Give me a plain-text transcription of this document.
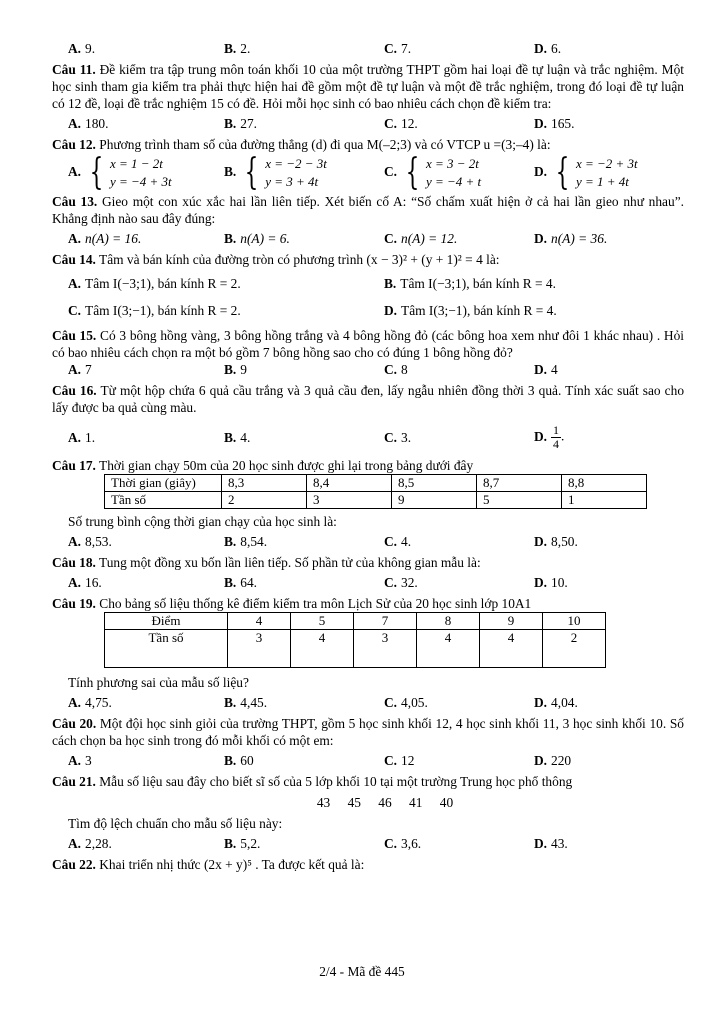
A. 9.	B. 2.	C. 7.	D. 6.
Câu 11. Đề kiểm tra tập trung môn toán khối 10 của một trường THPT gồm hai loại đề tự luận và trắc nghiệm. Một học sinh tham gia kiểm tra phải thực hiện hai đề gồm một đề tự luận và một đề trắc nghiệm, trong đó loại đề tự luận có 12 đề, loại đề trắc nghiệm 15 có đề. Hỏi mỗi học sinh có bao nhiêu cách chọn đề kiểm tra:
A. 180.	B. 27.	C. 12.	D. 165.
Câu 12. Phương trình tham số của đường thẳng (d) đi qua M(–2;3) và có VTCP u =(3;–4) là:
A. { x = 1 − 2t
y = −4 + 3t
B. { x = −2 − 3t
y = 3 + 4t
C. { x = 3 − 2t
y = −4 + t
D. { x = −2 + 3t
y = 1 + 4t
Câu 13. Gieo một con xúc xắc hai lần liên tiếp. Xét biến cố A: “Số chấm xuất hiện ở cả hai lần gieo như nhau”. Khẳng định nào sau đây đúng:
A. n(A) = 16.	B. n(A) = 6.	C. n(A) = 12.	D. n(A) = 36.
Câu 14. Tâm và bán kính của đường tròn có phương trình (x − 3)² + (y + 1)² = 4 là:
A. Tâm I(−3;1), bán kính R = 2.	B. Tâm I(−3;1), bán kính R = 4.
C. Tâm I(3;−1), bán kính R = 2.	D. Tâm I(3;−1), bán kính R = 4.
Câu 15. Có 3 bông hồng vàng, 3 bông hồng trắng và 4 bông hồng đỏ (các bông hoa xem như đôi 1 khác nhau) . Hỏi có bao nhiêu cách chọn ra một bó gồm 7 bông hồng sao cho có đúng 1 bông hồng đỏ?
A. 7	B. 9	C. 8	D. 4
Câu 16. Từ một hộp chứa 6 quả cầu trắng và 3 quả cầu đen, lấy ngẫu nhiên đồng thời 3 quả. Tính xác suất sao cho lấy được ba quả cùng màu.
A. 1.	B. 4.	C. 3.	D. $\frac{1}{4}$ .
Câu 17. Thời gian chạy 50m của 20 học sinh được ghi lại trong bảng dưới đây
Thời gian (giây)	8,3	8,4	8,5	8,7	8,8
Tần số	2	3	9	5	1
Số trung bình cộng thời gian chạy của học sinh là:
A. 8,53.	B. 8,54.	C. 4.	D. 8,50.
Câu 18. Tung một đồng xu bốn lần liên tiếp. Số phần tử của không gian mẫu là:
A. 16.	B. 64.	C. 32.	D. 10.
Câu 19. Cho bảng số liệu thống kê điểm kiểm tra môn Lịch Sử của 20 học sinh lớp 10A1
Điểm	4	5	7	8	9	10
Tần số	3	4	3	4	4	2
Tính phương sai của mẫu số liệu?
A. 4,75.	B. 4,45.	C. 4,05.	D. 4,04.
Câu 20. Một đội học sinh giỏi của trường THPT, gồm 5 học sinh khối 12, 4 học sinh khối 11, 3 học sinh khối 10. Số cách chọn ba học sinh trong đó mỗi khối có một em:
A. 3	B. 60	C. 12	D. 220
Câu 21. Mẫu số liệu sau đây cho biết sĩ số của 5 lớp khối 10 tại một trường Trung học phổ thông
43 45 46 41 40
Tìm độ lệch chuẩn cho mẫu số liệu này:
A. 2,28.	B. 5,2.	C. 3,6.	D. 43.
Câu 22. Khai triển nhị thức (2x + y)⁵ . Ta được kết quả là:
2/4 - Mã đề 445
